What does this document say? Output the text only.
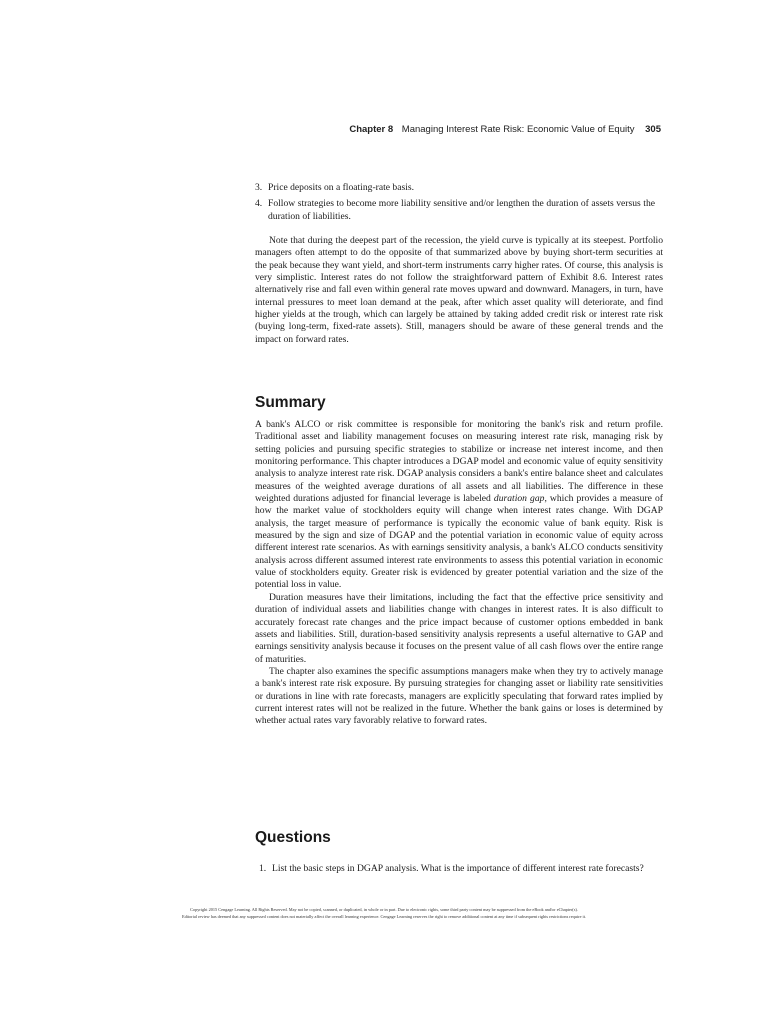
Chapter 8 Managing Interest Rate Risk: Economic Value of Equity 305
3. Price deposits on a floating-rate basis.
4. Follow strategies to become more liability sensitive and/or lengthen the duration of assets versus the duration of liabilities.

Note that during the deepest part of the recession, the yield curve is typically at its steepest. Portfolio managers often attempt to do the opposite of that summarized above by buying short-term securities at the peak because they want yield, and short-term instruments carry higher rates. Of course, this analysis is very simplistic. Interest rates do not follow the straightforward pattern of Exhibit 8.6. Interest rates alternatively rise and fall even within general rate moves upward and downward. Managers, in turn, have internal pressures to meet loan demand at the peak, after which asset quality will deteriorate, and find higher yields at the trough, which can largely be attained by taking added credit risk or interest rate risk (buying long-term, fixed-rate assets). Still, managers should be aware of these general trends and the impact on forward rates.

Summary

A bank's ALCO or risk committee is responsible for monitoring the bank's risk and return profile. Traditional asset and liability management focuses on measuring interest rate risk, managing risk by setting policies and pursuing specific strategies to stabilize or increase net interest income, and then monitoring performance. This chapter introduces a DGAP model and economic value of equity sensitivity analysis to analyze interest rate risk. DGAP analysis considers a bank's entire balance sheet and calculates measures of the weighted average durations of all assets and all liabilities. The difference in these weighted durations adjusted for financial leverage is labeled duration gap, which provides a measure of how the market value of stockholders equity will change when interest rates change. With DGAP analysis, the target measure of performance is typically the economic value of bank equity. Risk is measured by the sign and size of DGAP and the potential variation in economic value of equity across different interest rate scenarios. As with earnings sensitivity analysis, a bank's ALCO conducts sensitivity analysis across different assumed interest rate environments to assess this potential variation in economic value of stockholders equity. Greater risk is evidenced by greater potential variation and the size of the potential loss in value.

Duration measures have their limitations, including the fact that the effective price sensitivity and duration of individual assets and liabilities change with changes in interest rates. It is also difficult to accurately forecast rate changes and the price impact because of customer options embedded in bank assets and liabilities. Still, duration-based sensitivity analysis represents a useful alternative to GAP and earnings sensitivity analysis because it focuses on the present value of all cash flows over the entire range of maturities.

The chapter also examines the specific assumptions managers make when they try to actively manage a bank's interest rate risk exposure. By pursuing strategies for changing asset or liability rate sensitivities or durations in line with rate forecasts, managers are explicitly speculating that forward rates implied by current interest rates will not be realized in the future. Whether the bank gains or loses is determined by whether actual rates vary favorably relative to forward rates.

Questions
1. List the basic steps in DGAP analysis. What is the importance of different interest rate forecasts?
Copyright 2015 Cengage Learning. All Rights Reserved. May not be copied, scanned, or duplicated, in whole or in part. Due to electronic rights, some third party content may be suppressed from the eBook and/or eChapter(s).
Editorial review has deemed that any suppressed content does not materially affect the overall learning experience. Cengage Learning reserves the right to remove additional content at any time if subsequent rights restrictions require it.
